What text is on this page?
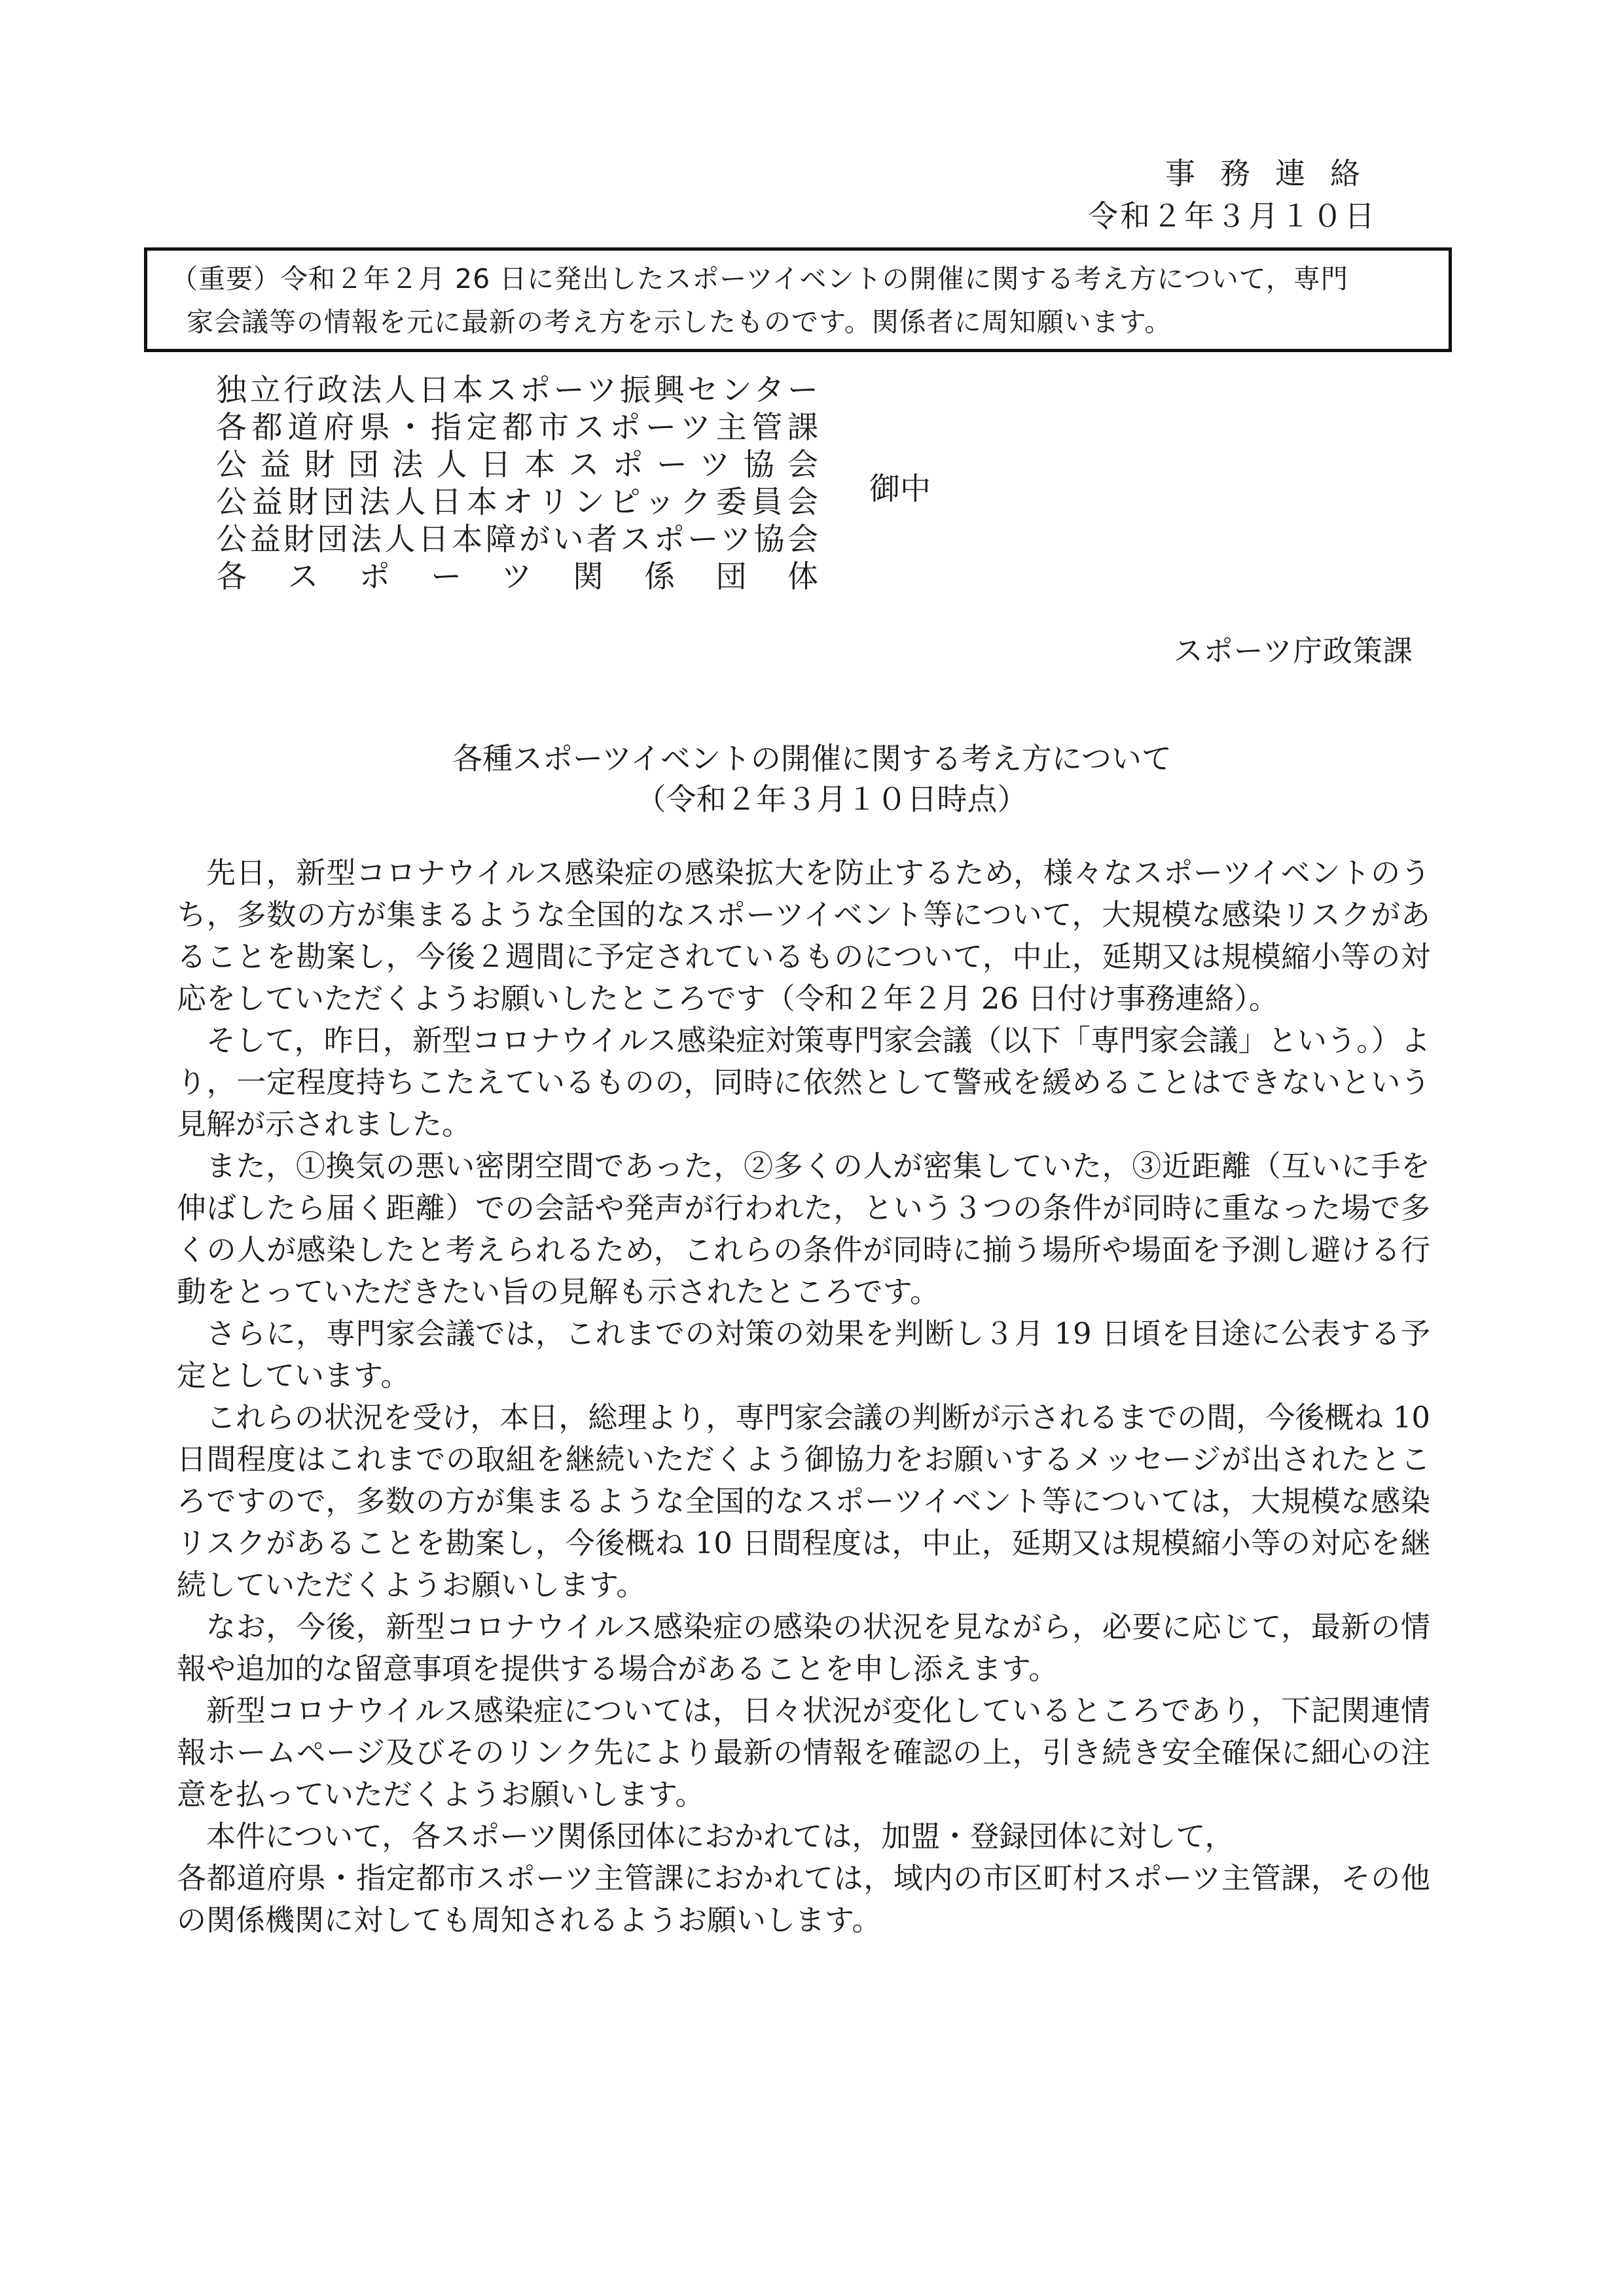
事務連絡
令和２年３月１０日
（重要）令和２年２月 26 日に発出したスポーツイベントの開催に関する考え方について，専門
家会議等の情報を元に最新の考え方を示したものです。関係者に周知願います。
独立行政法人日本スポーツ振興センター
各都道府県・指定都市スポーツ主管課
公益財団法人日本スポーツ協会
公益財団法人日本オリンピック委員会
公益財団法人日本障がい者スポーツ協会
各スポーツ関係団体
御中
スポーツ庁政策課
各種スポーツイベントの開催に関する考え方について
（令和２年３月１０日時点）

先日，新型コロナウイルス感染症の感染拡大を防止するため，様々なスポーツイベントのうち，多数の方が集まるような全国的なスポーツイベント等について，大規模な感染リスクがあることを勘案し，今後２週間に予定されているものについて，中止，延期又は規模縮小等の対応をしていただくようお願いしたところです（令和２年２月 26 日付け事務連絡）。

そして，昨日，新型コロナウイルス感染症対策専門家会議（以下「専門家会議」という。）より，一定程度持ちこたえているものの，同時に依然として警戒を緩めることはできないという見解が示されました。

また，①換気の悪い密閉空間であった，②多くの人が密集していた，③近距離（互いに手を伸ばしたら届く距離）での会話や発声が行われた，という３つの条件が同時に重なった場で多くの人が感染したと考えられるため，これらの条件が同時に揃う場所や場面を予測し避ける行動をとっていただきたい旨の見解も示されたところです。

さらに，専門家会議では，これまでの対策の効果を判断し３月 19 日頃を目途に公表する予定としています。

これらの状況を受け，本日，総理より，専門家会議の判断が示されるまでの間，今後概ね 10 日間程度はこれまでの取組を継続いただくよう御協力をお願いするメッセージが出されたところですので，多数の方が集まるような全国的なスポーツイベント等については，大規模な感染リスクがあることを勘案し，今後概ね 10 日間程度は，中止，延期又は規模縮小等の対応を継続していただくようお願いします。

なお，今後，新型コロナウイルス感染症の感染の状況を見ながら，必要に応じて，最新の情報や追加的な留意事項を提供する場合があることを申し添えます。

新型コロナウイルス感染症については，日々状況が変化しているところであり，下記関連情報ホームページ及びそのリンク先により最新の情報を確認の上，引き続き安全確保に細心の注意を払っていただくようお願いします。

本件について，各スポーツ関係団体におかれては，加盟・登録団体に対して，

各都道府県・指定都市スポーツ主管課におかれては，域内の市区町村スポーツ主管課，その他の関係機関に対しても周知されるようお願いします。
